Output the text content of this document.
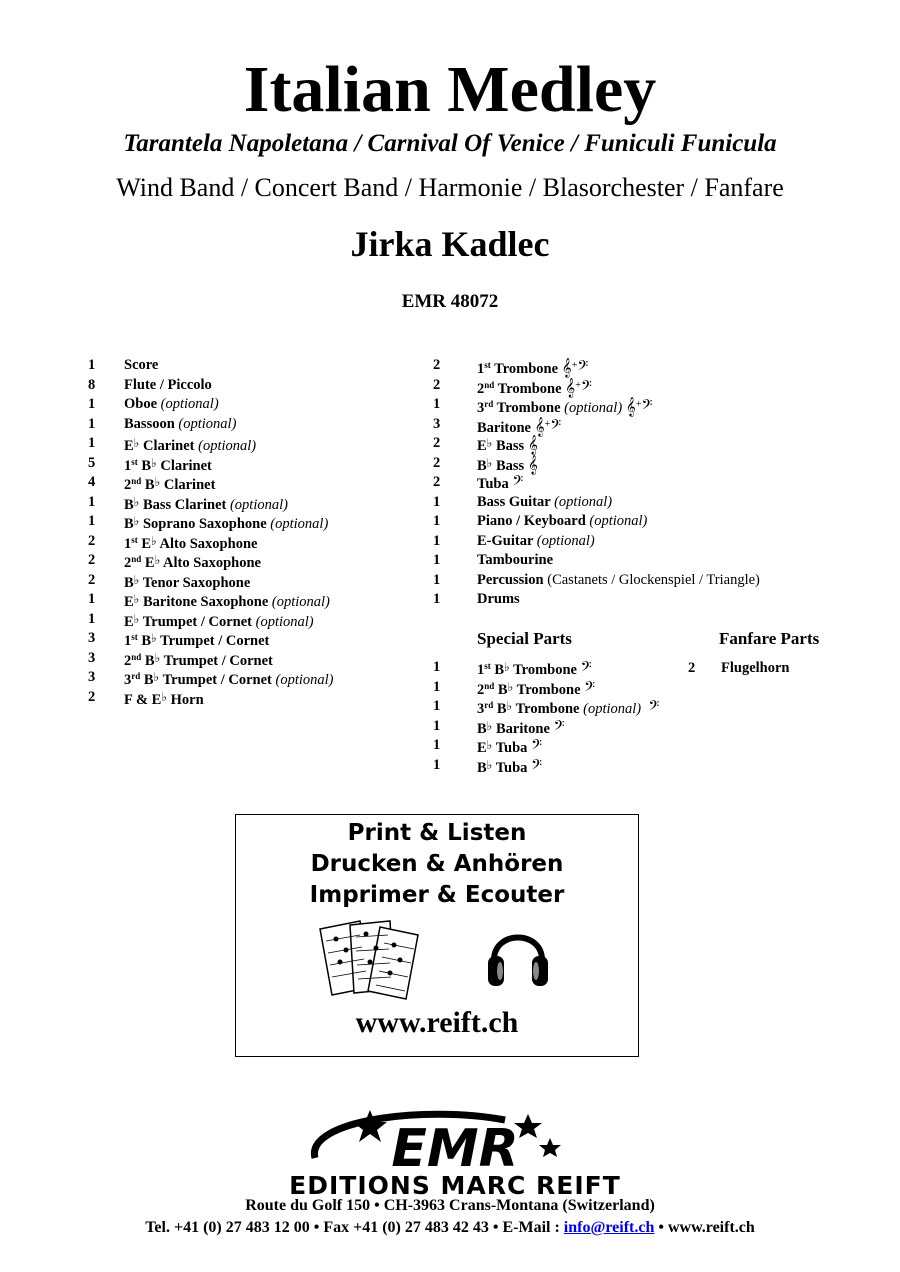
Italian Medley
Tarantela Napoletana / Carnival Of Venice / Funiculi Funicula
Wind Band / Concert Band / Harmonie / Blasorchester / Fanfare
Jirka Kadlec
EMR 48072
1 Score
8 Flute / Piccolo
1 Oboe (optional)
1 Bassoon (optional)
1 E♭ Clarinet (optional)
5 1st B♭ Clarinet
4 2nd B♭ Clarinet
1 B♭ Bass Clarinet (optional)
1 B♭ Soprano Saxophone (optional)
2 1st E♭ Alto Saxophone
2 2nd E♭ Alto Saxophone
2 B♭ Tenor Saxophone
1 E♭ Baritone Saxophone (optional)
1 E♭ Trumpet / Cornet (optional)
3 1st B♭ Trumpet / Cornet
3 2nd B♭ Trumpet / Cornet
3 3rd B♭ Trumpet / Cornet (optional)
2 F & E♭ Horn
2	1st Trombone 𝄞+𝄢
2	2nd Trombone 𝄞+𝄢
1	3rd Trombone (optional) 𝄞+𝄢
3	Baritone 𝄞+𝄢
2	E♭ Bass 𝄞
2	B♭ Bass 𝄞
2	Tuba 𝄢
1	Bass Guitar (optional)
1	Piano / Keyboard (optional)
1	E-Guitar (optional)
1	Tambourine
1	Percussion (Castanets / Glockenspiel / Triangle)
1	Drums
Special Parts	Fanfare Parts
1	1st B♭ Trombone 𝄢
1	2nd B♭ Trombone 𝄢
1	3rd B♭ Trombone (optional) 𝄢
1	B♭ Baritone 𝄢
1	E♭ Tuba 𝄢
1	B♭ Tuba 𝄢
2 Flugelhorn
Print & Listen
Drucken & Anhören
Imprimer & Ecouter
www.reift.ch
EMR
EDITIONS MARC REIFT
Route du Golf 150 • CH-3963 Crans-Montana (Switzerland)
Tel. +41 (0) 27 483 12 00 • Fax +41 (0) 27 483 42 43 • E-Mail : info@reift.ch • www.reift.ch
